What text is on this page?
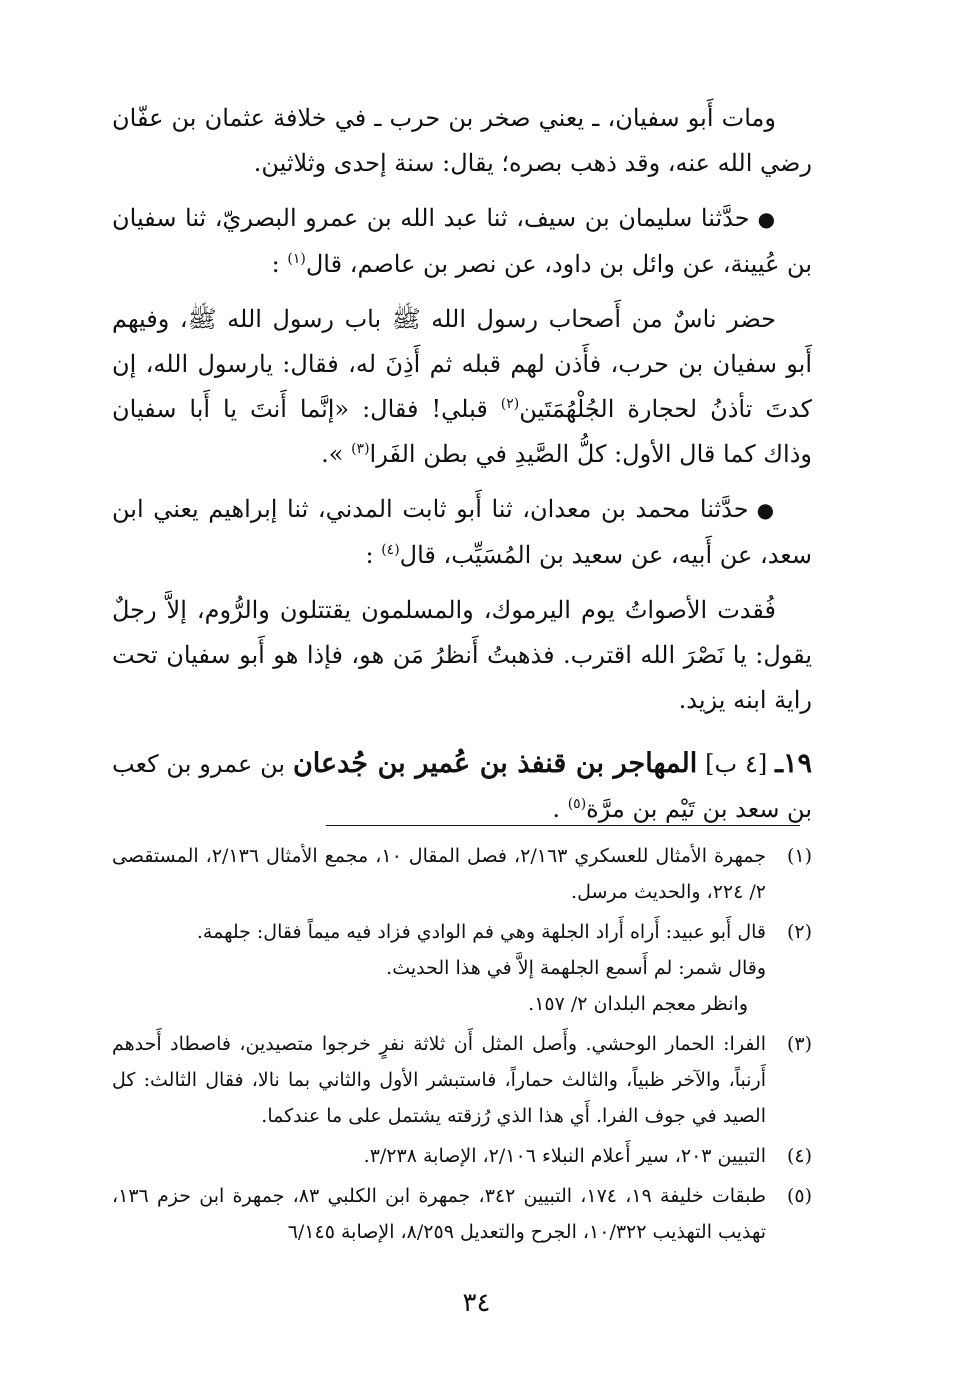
ومات أَبو سفيان، ـ يعني صخر بن حرب ـ في خلافة عثمان بن عفّان رضي الله عنه، وقد ذهب بصره؛ يقال: سنة إحدى وثلاثين.

●حدَّثنا سليمان بن سيف، ثنا عبد الله بن عمرو البصريّ، ثنا سفيان بن عُيينة، عن وائل بن داود، عن نصر بن عاصم، قال$^{(١)}$ :

حضر ناسٌ من أَصحاب رسول الله ﷺ باب رسول الله ﷺ، وفيهم أَبو سفيان بن حرب، فأَذن لهم قبله ثم أَذِنَ له، فقال: يارسول الله، إن كدتَ تأذنُ لحجارة الجُلْهُمَتَين$^{(٢)}$ قبلي! فقال: «إنَّما أَنتَ يا أَبا سفيان وذاك كما قال الأول: كلُّ الصَّيدِ في بطن الفَرا$^{(٣)}$ ».

●حدَّثنا محمد بن معدان، ثنا أَبو ثابت المدني، ثنا إبراهيم يعني ابن سعد، عن أَبيه، عن سعيد بن المُسَيِّب، قال$^{(٤)}$ :

فُقدت الأصواتُ يوم اليرموك، والمسلمون يقتتلون والرُّوم، إلاَّ رجلٌ يقول: يا نَصْرَ الله اقترب. فذهبتُ أَنظرُ مَن هو، فإذا هو أَبو سفيان تحت راية ابنه يزيد.

١٩ـ [٤ ب] المهاجر بن قنفذ بن عُمير بن جُدعان بن عمرو بن كعب بن سعد بن تَيْم بن مرَّة$^{(٥)}$ .

(١)
جمهرة الأمثال للعسكري ٢/١٦٣، فصل المقال ١٠، مجمع الأمثال ٢/١٣٦، المستقصى ٢/ ٢٢٤، والحديث مرسل.
(٢)
قال أَبو عبيد: أَراه أَراد الجلهة وهي فم الوادي فزاد فيه ميماً فقال: جلهمة.
وقال شمر: لم أَسمع الجلهمة إلاَّ في هذا الحديث.
وانظر معجم البلدان ٢/ ١٥٧.
(٣)
الفرا: الحمار الوحشي. وأَصل المثل أَن ثلاثة نفرٍ خرجوا متصيدين، فاصطاد أَحدهم أَرنباً، والآخر ظبياً، والثالث حماراً، فاستبشر الأول والثاني بما نالا، فقال الثالث: كل الصيد في جوف الفرا. أَي هذا الذي رُزقته يشتمل على ما عندكما.
(٤)
التبيين ٢٠٣، سير أَعلام النبلاء ٢/١٠٦، الإصابة ٣/٢٣٨.
(٥)
طبقات خليفة ١٩، ١٧٤، التبيين ٣٤٢، جمهرة ابن الكلبي ٨٣، جمهرة ابن حزم ١٣٦، تهذيب التهذيب ١٠/٣٢٢، الجرح والتعديل ٨/٢٥٩، الإصابة ٦/١٤٥
٣٤
